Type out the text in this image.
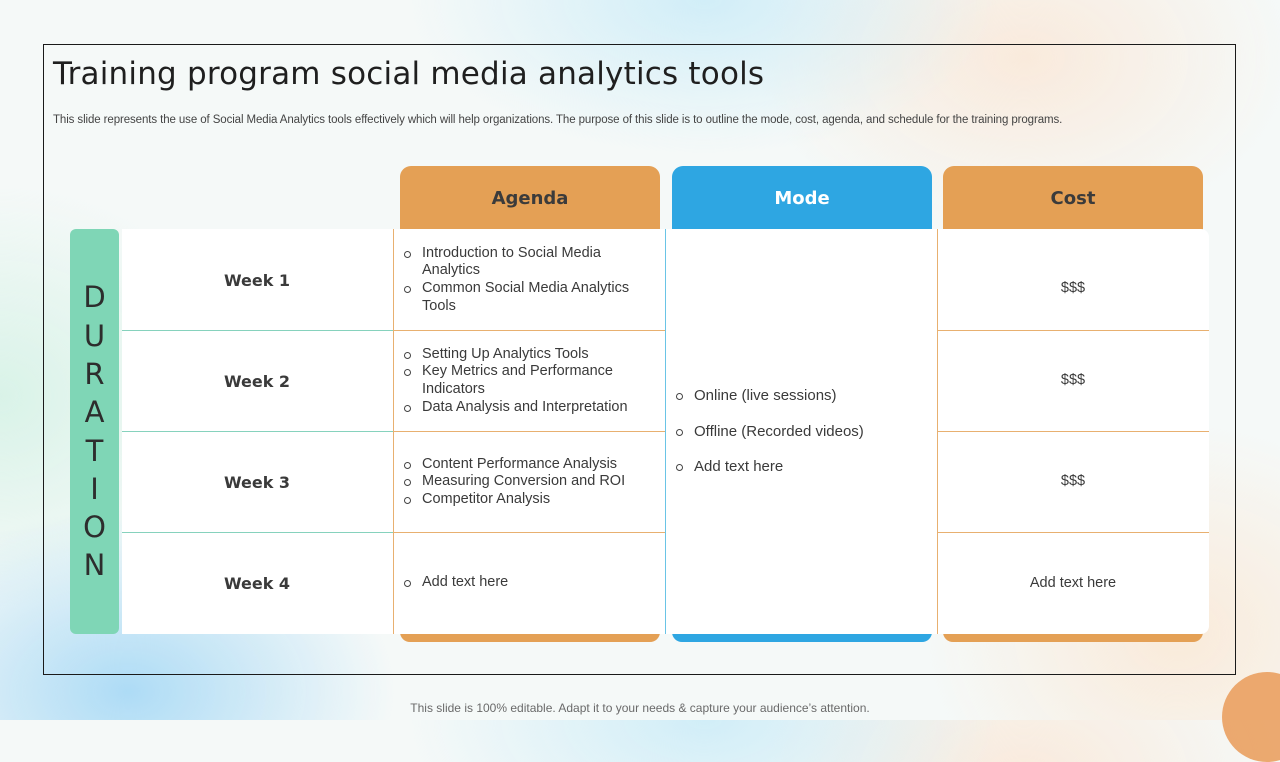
Training program social media analytics tools
This slide represents the use of Social Media Analytics tools effectively which will help organizations. The purpose of this slide is to outline the mode, cost, agenda, and schedule for the training programs.
Agenda	Mode	Cost
D
U
R
A
T
I
O
N
Week 1
Week 2
Week 3
Week 4
Introduction to Social Media Analytics
Common Social Media Analytics Tools
Setting Up Analytics Tools
Key Metrics and Performance Indicators
Data Analysis and Interpretation
Content Performance Analysis
Measuring Conversion and ROI
Competitor Analysis
Add text here
Online (live sessions)
Offline (Recorded videos)
Add text here
$$$
$$$
$$$
Add text here
This slide is 100% editable. Adapt it to your needs & capture your audience’s attention.
